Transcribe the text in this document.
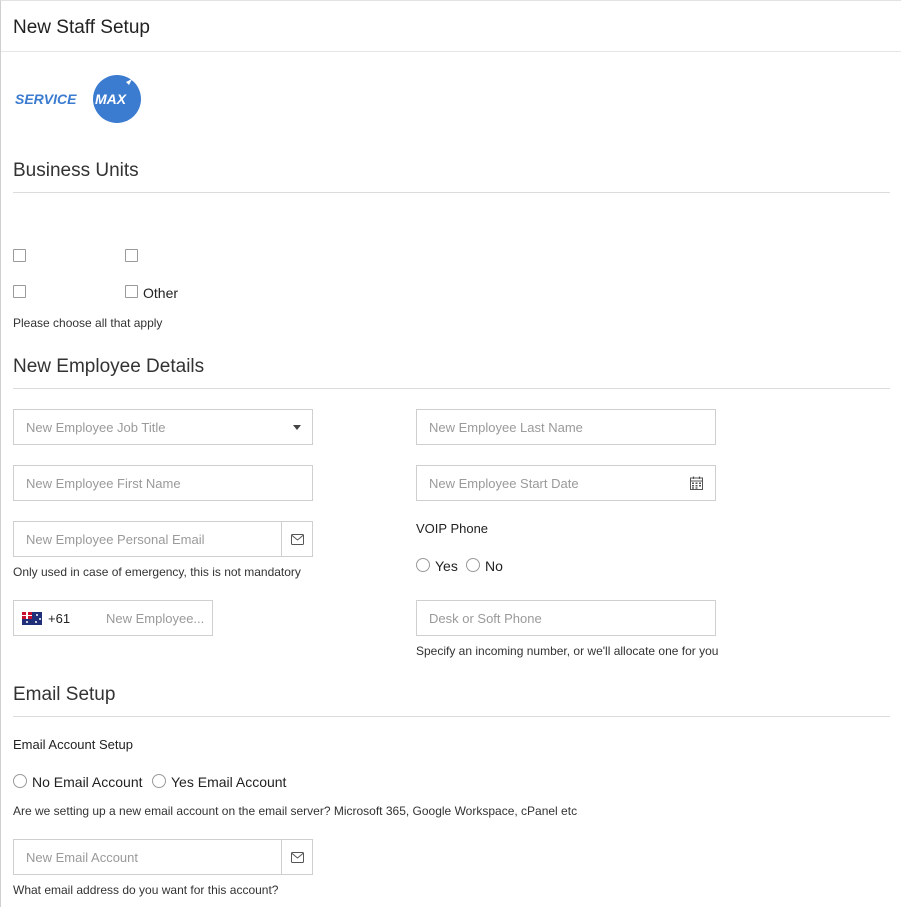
New Staff Setup
SERVICE MAX
Business Units
Other
Please choose all that apply
New Employee Details
New Employee Job Title	New Employee Last Name
New Employee First Name	New Employee Start Date
New Employee Personal Email
Only used in case of emergency, this is not mandatory
VOIP Phone
Yes No
+61	New Employee...	Desk or Soft Phone
Specify an incoming number, or we'll allocate one for you
Email Setup
Email Account Setup
No Email Account Yes Email Account
Are we setting up a new email account on the email server? Microsoft 365, Google Workspace, cPanel etc
New Email Account
What email address do you want for this account?
